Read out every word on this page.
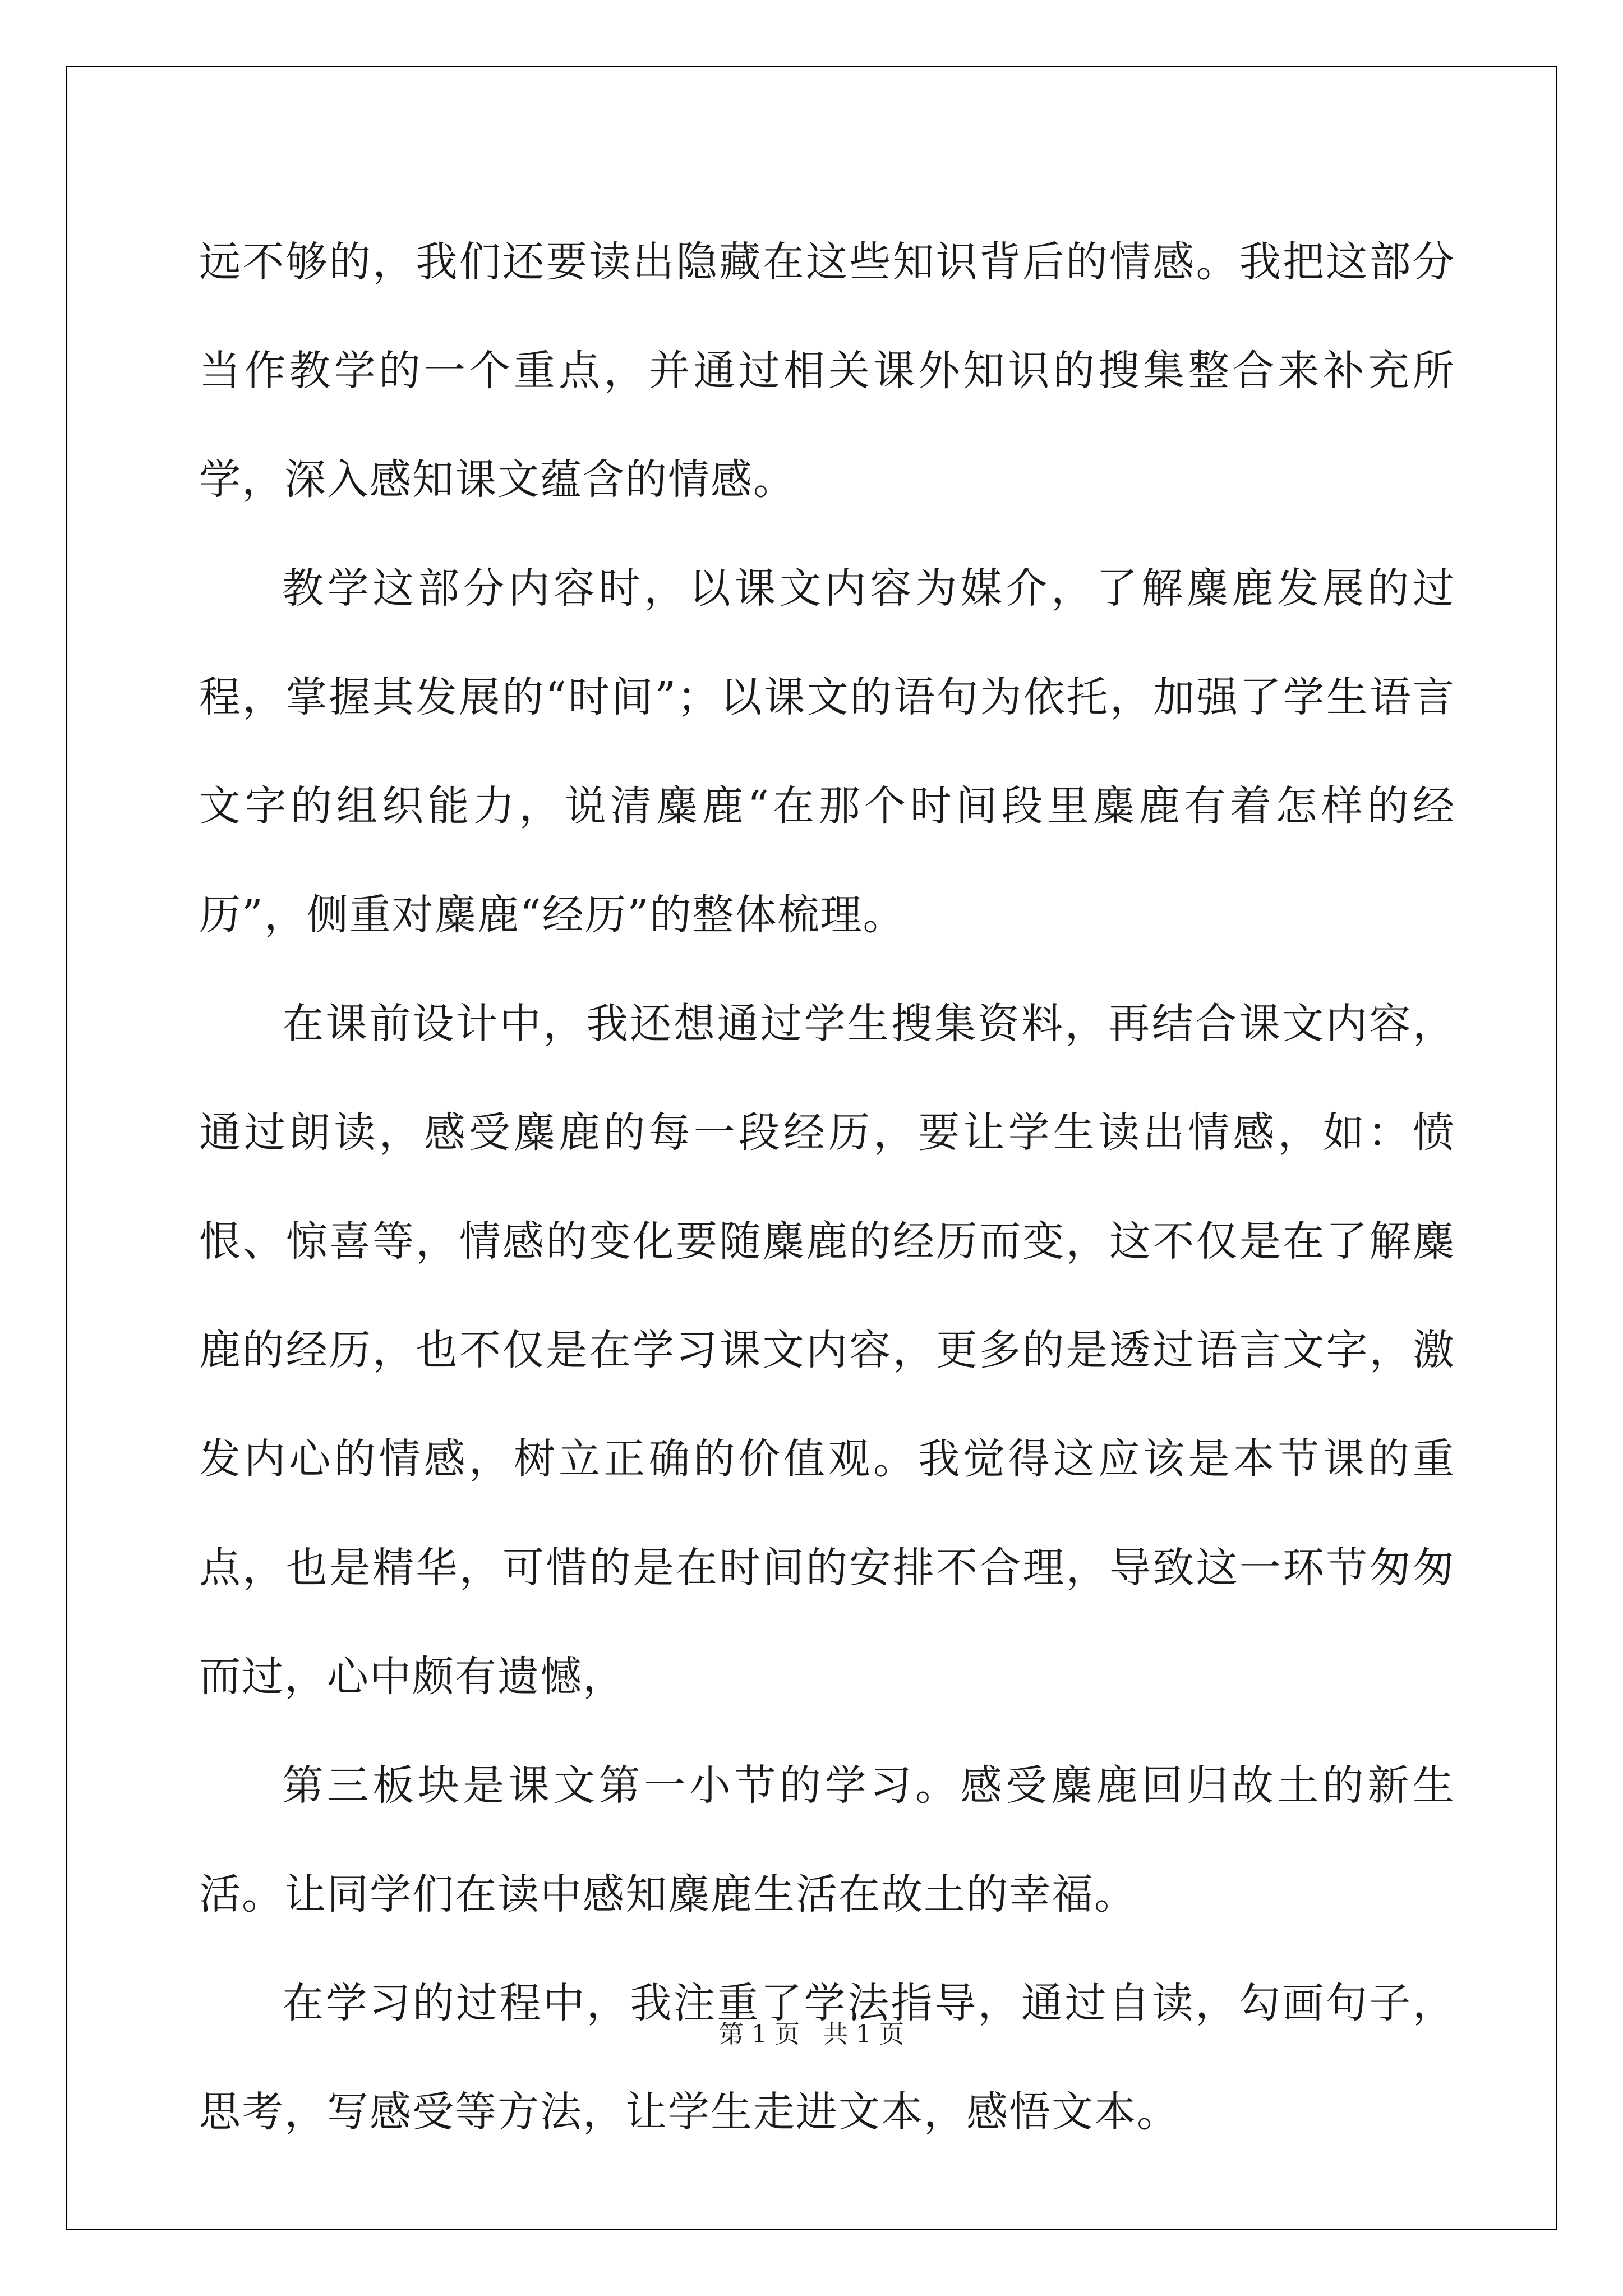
远不够的，我们还要读出隐藏在这些知识背后的情感。我把这部分当作教学的一个重点，并通过相关课外知识的搜集整合来补充所学，深入感知课文蕴含的情感。

教学这部分内容时，以课文内容为媒介，了解麋鹿发展的过程，掌握其发展的“时间”；以课文的语句为依托，加强了学生语言文字的组织能力，说清麋鹿“在那个时间段里麋鹿有着怎样的经历”，侧重对麋鹿“经历”的整体梳理。

在课前设计中，我还想通过学生搜集资料，再结合课文内容，通过朗读，感受麋鹿的每一段经历，要让学生读出情感，如：愤恨、惊喜等，情感的变化要随麋鹿的经历而变，这不仅是在了解麋鹿的经历，也不仅是在学习课文内容，更多的是透过语言文字，激发内心的情感，树立正确的价值观。我觉得这应该是本节课的重点，也是精华，可惜的是在时间的安排不合理，导致这一环节匆匆而过，心中颇有遗憾，

第三板块是课文第一小节的学习。感受麋鹿回归故土的新生活。让同学们在读中感知麋鹿生活在故土的幸福。

在学习的过程中，我注重了学法指导，通过自读，勾画句子，思考，写感受等方法，让学生走进文本，感悟文本。

第 1 页   共 1 页
